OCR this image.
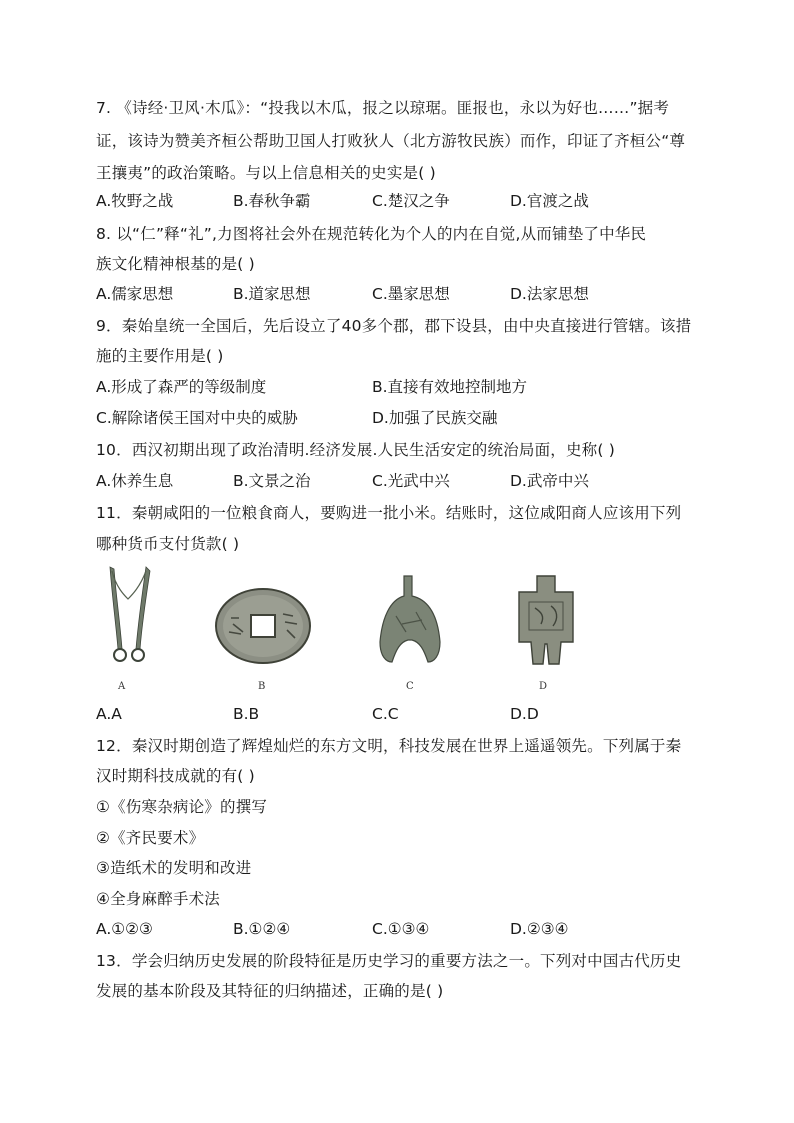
7. 《诗经·卫风·木瓜》：“投我以木瓜，报之以琼琚。匪报也，永以为好也……”据考
证，该诗为赞美齐桓公帮助卫国人打败狄人（北方游牧民族）而作，印证了齐桓公“尊
王攘夷”的政治策略。与以上信息相关的史实是( )
A.牧野之战	B.春秋争霸	C.楚汉之争	D.官渡之战
8. 以“仁”释“礼”,力图将社会外在规范转化为个人的内在自觉,从而铺垫了中华民
族文化精神根基的是( )
A.儒家思想	B.道家思想	C.墨家思想	D.法家思想
9．秦始皇统一全国后，先后设立了40多个郡，郡下设县，由中央直接进行管辖。该措
施的主要作用是( )
A.形成了森严的等级制度	B.直接有效地控制地方
C.解除诸侯王国对中央的威胁	D.加强了民族交融
10．西汉初期出现了政治清明.经济发展.人民生活安定的统治局面，史称( )
A.休养生息	B.文景之治	C.光武中兴	D.武帝中兴
11．秦朝咸阳的一位粮食商人，要购进一批小米。结账时，这位咸阳商人应该用下列
哪种货币支付货款( )
A	B	C	D
A.A	B.B	C.C	D.D
12．秦汉时期创造了辉煌灿烂的东方文明，科技发展在世界上遥遥领先。下列属于秦
汉时期科技成就的有( )
①《伤寒杂病论》的撰写
②《齐民要术》
③造纸术的发明和改进
④全身麻醉手术法
A.①②③	B.①②④	C.①③④	D.②③④
13．学会归纳历史发展的阶段特征是历史学习的重要方法之一。下列对中国古代历史
发展的基本阶段及其特征的归纳描述，正确的是( )
